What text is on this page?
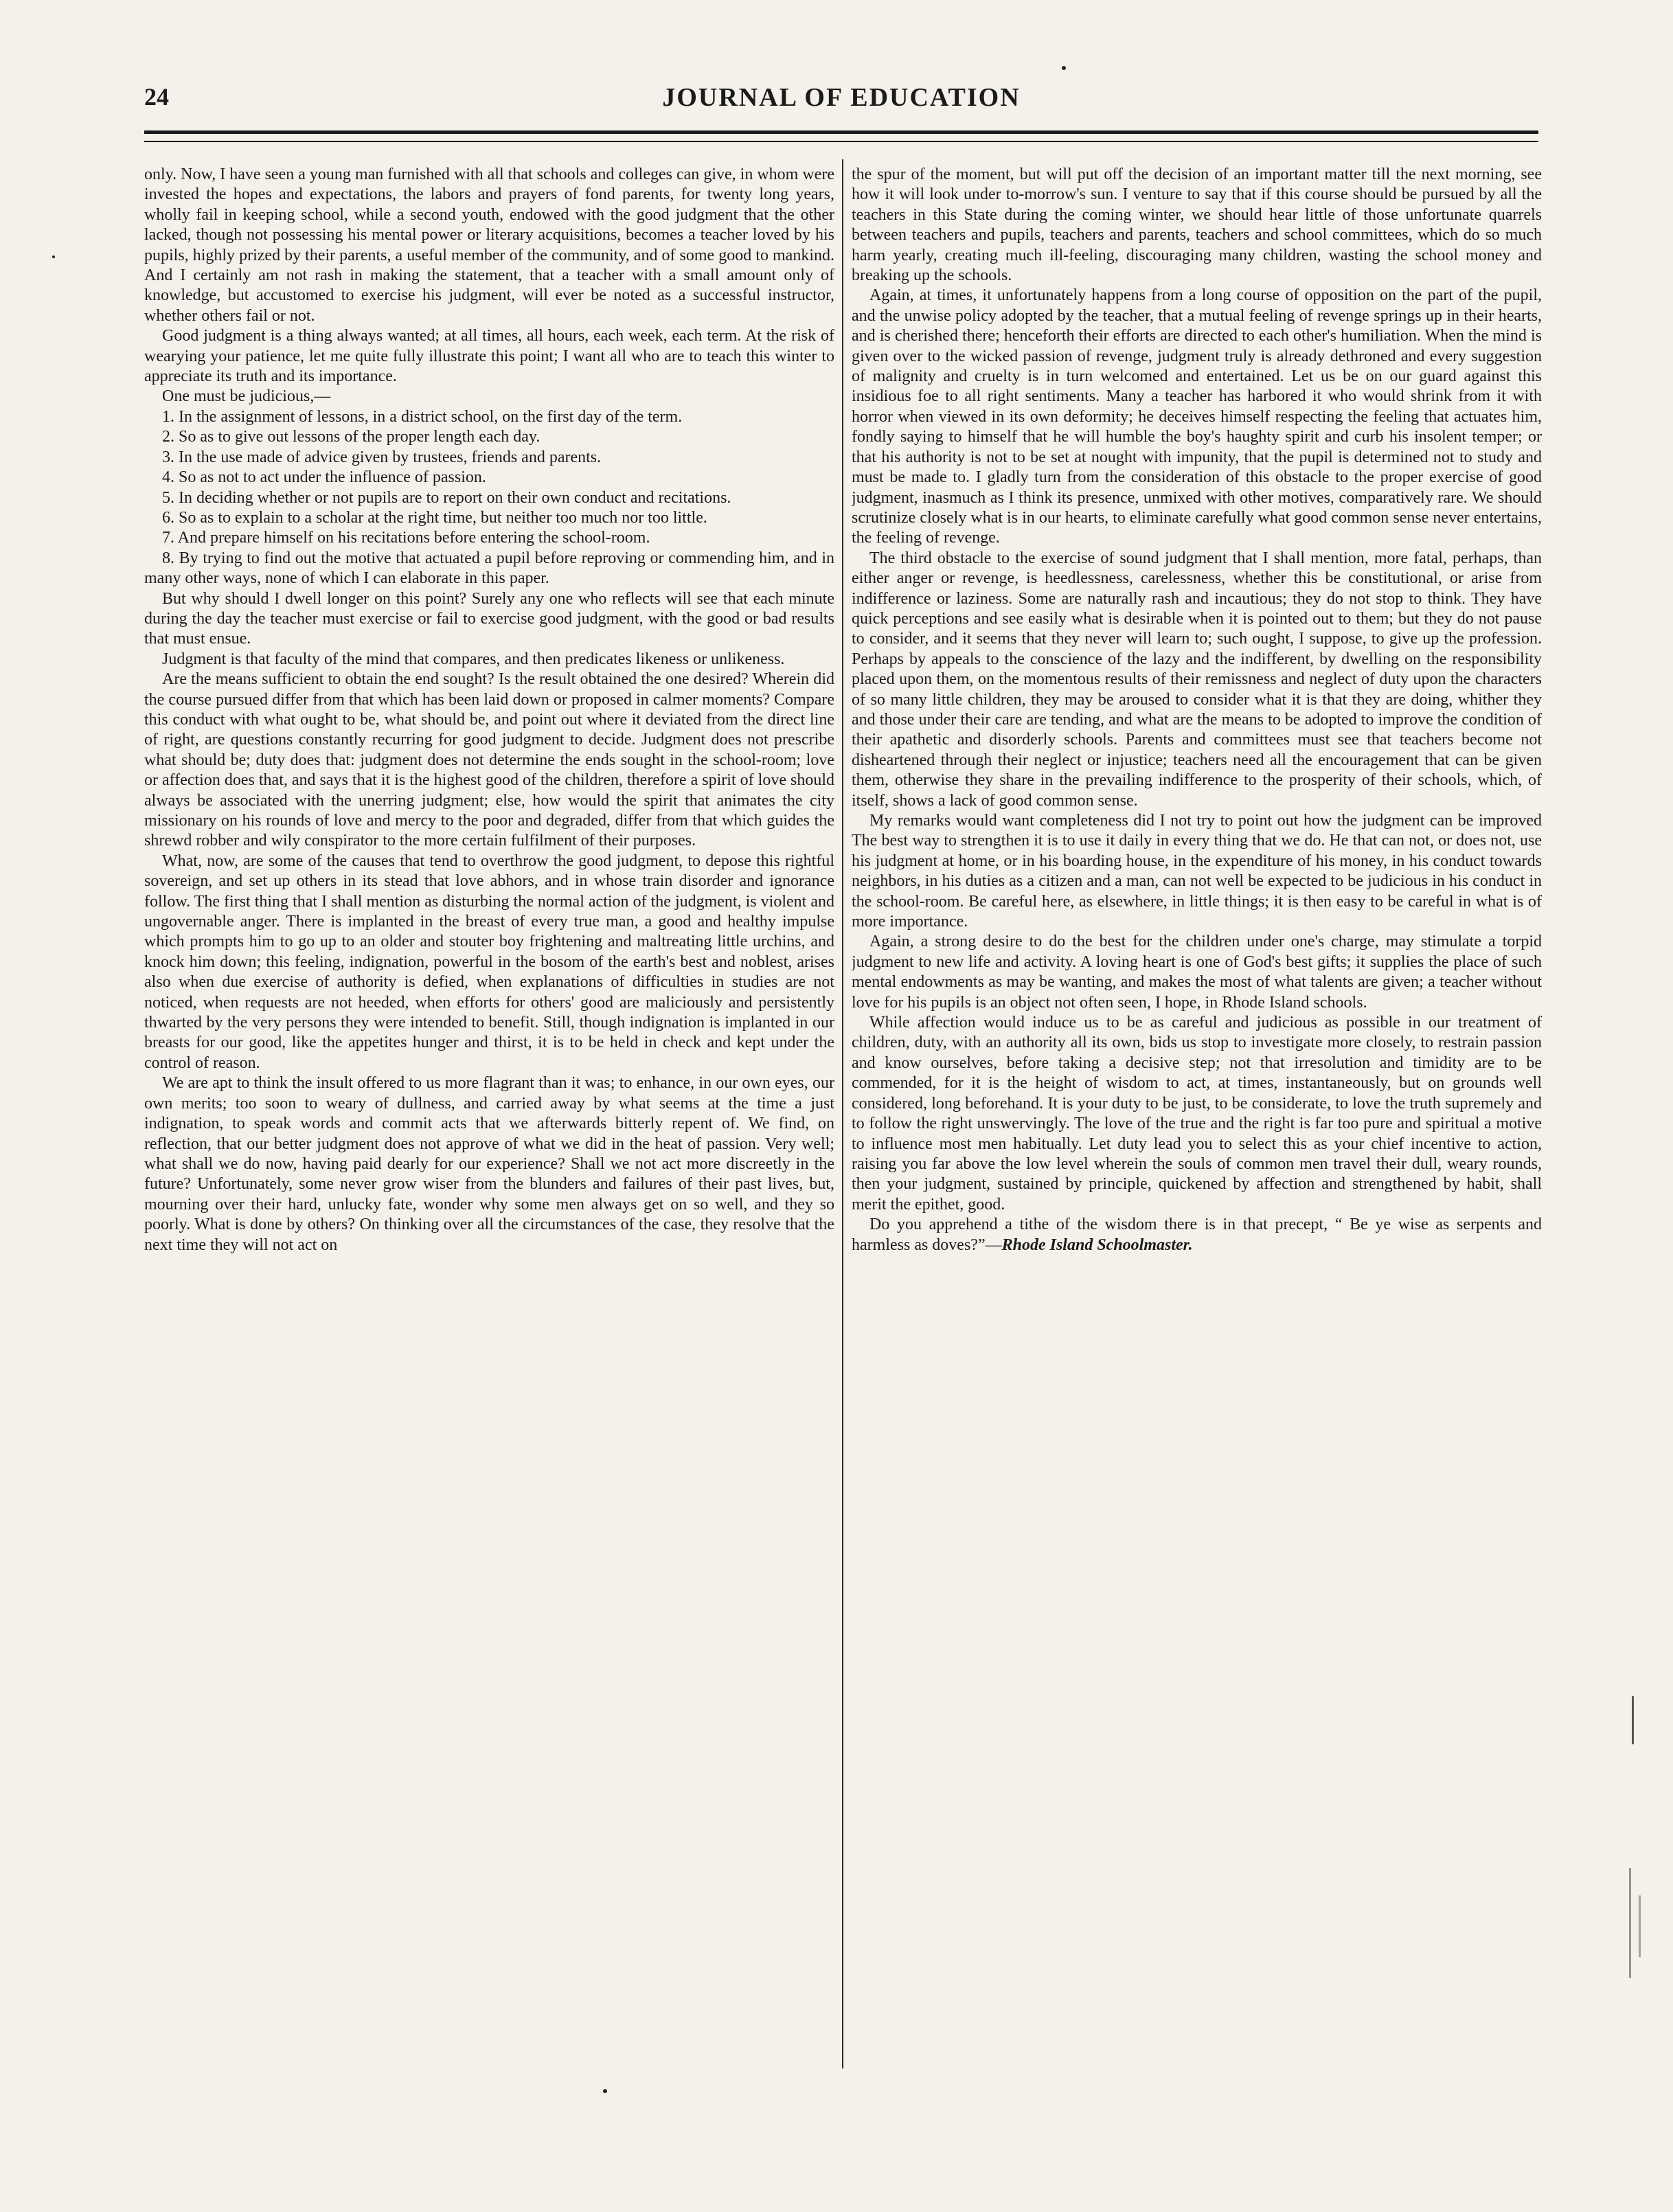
24	JOURNAL OF EDUCATION

only. Now, I have seen a young man furnished with all that schools and colleges can give, in whom were invested the hopes and expectations, the labors and prayers of fond parents, for twenty long years, wholly fail in keeping school, while a second youth, endowed with the good judgment that the other lacked, though not possessing his mental power or literary acquisitions, becomes a teacher loved by his pupils, highly prized by their parents, a useful member of the community, and of some good to mankind. And I certainly am not rash in making the statement, that a teacher with a small amount only of knowledge, but accustomed to exercise his judgment, will ever be noted as a successful instructor, whether others fail or not.

Good judgment is a thing always wanted; at all times, all hours, each week, each term. At the risk of wearying your patience, let me quite fully illustrate this point; I want all who are to teach this winter to appreciate its truth and its importance.

One must be judicious,—

1. In the assignment of lessons, in a district school, on the first day of the term.

2. So as to give out lessons of the proper length each day.

3. In the use made of advice given by trustees, friends and parents.

4. So as not to act under the influence of passion.

5. In deciding whether or not pupils are to report on their own conduct and recitations.

6. So as to explain to a scholar at the right time, but neither too much nor too little.

7. And prepare himself on his recitations before entering the school-room.

8. By trying to find out the motive that actuated a pupil before reproving or commending him, and in many other ways, none of which I can elaborate in this paper.

But why should I dwell longer on this point? Surely any one who reflects will see that each minute during the day the teacher must exercise or fail to exercise good judgment, with the good or bad results that must ensue.

Judgment is that faculty of the mind that compares, and then predicates likeness or unlikeness.

Are the means sufficient to obtain the end sought? Is the result obtained the one desired? Wherein did the course pursued differ from that which has been laid down or proposed in calmer moments? Compare this conduct with what ought to be, what should be, and point out where it deviated from the direct line of right, are questions constantly recurring for good judgment to decide. Judgment does not prescribe what should be; duty does that: judgment does not determine the ends sought in the school-room; love or affection does that, and says that it is the highest good of the children, therefore a spirit of love should always be associated with the unerring judgment; else, how would the spirit that animates the city missionary on his rounds of love and mercy to the poor and degraded, differ from that which guides the shrewd robber and wily conspirator to the more certain fulfilment of their purposes.

What, now, are some of the causes that tend to overthrow the good judgment, to depose this rightful sovereign, and set up others in its stead that love abhors, and in whose train disorder and ignorance follow. The first thing that I shall mention as disturbing the normal action of the judgment, is violent and ungovernable anger. There is implanted in the breast of every true man, a good and healthy impulse which prompts him to go up to an older and stouter boy frightening and maltreating little urchins, and knock him down; this feeling, indignation, powerful in the bosom of the earth's best and noblest, arises also when due exercise of authority is defied, when explanations of difficulties in studies are not noticed, when requests are not heeded, when efforts for others' good are maliciously and persistently thwarted by the very persons they were intended to benefit. Still, though indignation is implanted in our breasts for our good, like the appetites hunger and thirst, it is to be held in check and kept under the control of reason.

We are apt to think the insult offered to us more flagrant than it was; to enhance, in our own eyes, our own merits; too soon to weary of dullness, and carried away by what seems at the time a just indignation, to speak words and commit acts that we afterwards bitterly repent of. We find, on reflection, that our better judgment does not approve of what we did in the heat of passion. Very well; what shall we do now, having paid dearly for our experience? Shall we not act more discreetly in the future? Unfortunately, some never grow wiser from the blunders and failures of their past lives, but, mourning over their hard, unlucky fate, wonder why some men always get on so well, and they so poorly. What is done by others? On thinking over all the circumstances of the case, they resolve that the next time they will not act on

the spur of the moment, but will put off the decision of an important matter till the next morning, see how it will look under to-morrow's sun. I venture to say that if this course should be pursued by all the teachers in this State during the coming winter, we should hear little of those unfortunate quarrels between teachers and pupils, teachers and parents, teachers and school committees, which do so much harm yearly, creating much ill-feeling, discouraging many children, wasting the school money and breaking up the schools.

Again, at times, it unfortunately happens from a long course of opposition on the part of the pupil, and the unwise policy adopted by the teacher, that a mutual feeling of revenge springs up in their hearts, and is cherished there; henceforth their efforts are directed to each other's humiliation. When the mind is given over to the wicked passion of revenge, judgment truly is already dethroned and every suggestion of malignity and cruelty is in turn welcomed and entertained. Let us be on our guard against this insidious foe to all right sentiments. Many a teacher has harbored it who would shrink from it with horror when viewed in its own deformity; he deceives himself respecting the feeling that actuates him, fondly saying to himself that he will humble the boy's haughty spirit and curb his insolent temper; or that his authority is not to be set at nought with impunity, that the pupil is determined not to study and must be made to. I gladly turn from the consideration of this obstacle to the proper exercise of good judgment, inasmuch as I think its presence, unmixed with other motives, comparatively rare. We should scrutinize closely what is in our hearts, to eliminate carefully what good common sense never entertains, the feeling of revenge.

The third obstacle to the exercise of sound judgment that I shall mention, more fatal, perhaps, than either anger or revenge, is heedlessness, carelessness, whether this be constitutional, or arise from indifference or laziness. Some are naturally rash and incautious; they do not stop to think. They have quick perceptions and see easily what is desirable when it is pointed out to them; but they do not pause to consider, and it seems that they never will learn to; such ought, I suppose, to give up the profession. Perhaps by appeals to the conscience of the lazy and the indifferent, by dwelling on the responsibility placed upon them, on the momentous results of their remissness and neglect of duty upon the characters of so many little children, they may be aroused to consider what it is that they are doing, whither they and those under their care are tending, and what are the means to be adopted to improve the condition of their apathetic and disorderly schools. Parents and committees must see that teachers become not disheartened through their neglect or injustice; teachers need all the encouragement that can be given them, otherwise they share in the prevailing indifference to the prosperity of their schools, which, of itself, shows a lack of good common sense.

My remarks would want completeness did I not try to point out how the judgment can be improved The best way to strengthen it is to use it daily in every thing that we do. He that can not, or does not, use his judgment at home, or in his boarding house, in the expenditure of his money, in his conduct towards neighbors, in his duties as a citizen and a man, can not well be expected to be judicious in his conduct in the school-room. Be careful here, as elsewhere, in little things; it is then easy to be careful in what is of more importance.

Again, a strong desire to do the best for the children under one's charge, may stimulate a torpid judgment to new life and activity. A loving heart is one of God's best gifts; it supplies the place of such mental endowments as may be wanting, and makes the most of what talents are given; a teacher without love for his pupils is an object not often seen, I hope, in Rhode Island schools.

While affection would induce us to be as careful and judicious as possible in our treatment of children, duty, with an authority all its own, bids us stop to investigate more closely, to restrain passion and know ourselves, before taking a decisive step; not that irresolution and timidity are to be commended, for it is the height of wisdom to act, at times, instantaneously, but on grounds well considered, long beforehand. It is your duty to be just, to be considerate, to love the truth supremely and to follow the right unswervingly. The love of the true and the right is far too pure and spiritual a motive to influence most men habitually. Let duty lead you to select this as your chief incentive to action, raising you far above the low level wherein the souls of common men travel their dull, weary rounds, then your judgment, sustained by principle, quickened by affection and strengthened by habit, shall merit the epithet, good.

Do you apprehend a tithe of the wisdom there is in that precept, “ Be ye wise as serpents and harmless as doves?”—Rhode Island Schoolmaster.
